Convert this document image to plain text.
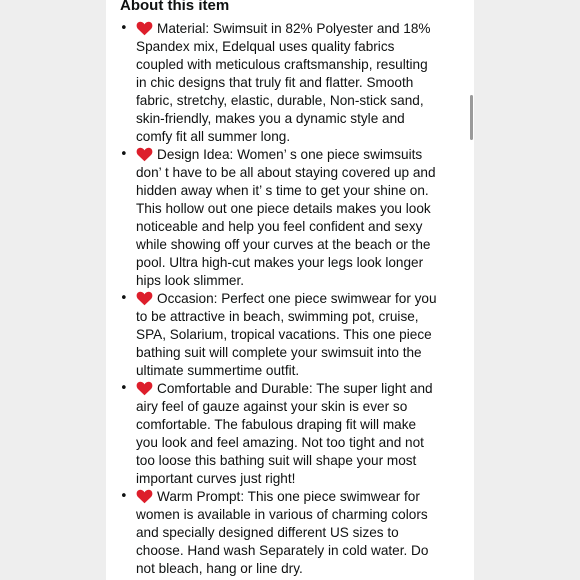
About this item
•	Material: Swimsuit in 82% Polyester and 18%
Spandex mix, Edelqual uses quality fabrics
coupled with meticulous craftsmanship, resulting
in chic designs that truly fit and flatter. Smooth
fabric, stretchy, elastic, durable, Non-stick sand,
skin-friendly, makes you a dynamic style and
comfy fit all summer long.
•	Design Idea: Women’ s one piece swimsuits
don’ t have to be all about staying covered up and
hidden away when it’ s time to get your shine on.
This hollow out one piece details makes you look
noticeable and help you feel confident and sexy
while showing off your curves at the beach or the
pool. Ultra high-cut makes your legs look longer
hips look slimmer.
•	Occasion: Perfect one piece swimwear for you
to be attractive in beach, swimming pot, cruise,
SPA, Solarium, tropical vacations. This one piece
bathing suit will complete your swimsuit into the
ultimate summertime outfit.
•	Comfortable and Durable: The super light and
airy feel of gauze against your skin is ever so
comfortable. The fabulous draping fit will make
you look and feel amazing. Not too tight and not
too loose this bathing suit will shape your most
important curves just right!
•	Warm Prompt: This one piece swimwear for
women is available in various of charming colors
and specially designed different US sizes to
choose. Hand wash Separately in cold water. Do
not bleach, hang or line dry.
